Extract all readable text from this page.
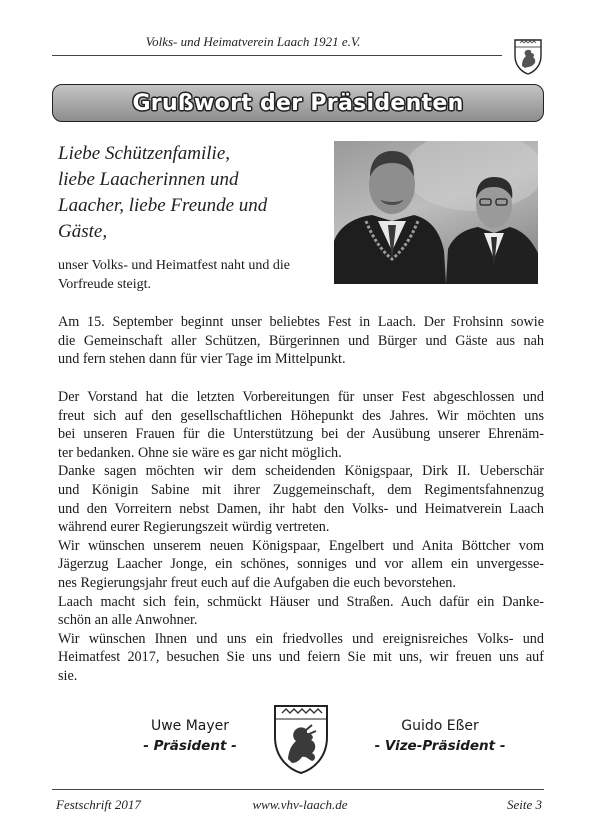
Volks- und Heimatverein Laach 1921 e.V.
Grußwort der Präsidenten
Liebe Schützenfamilie,
liebe Laacherinnen und
Laacher, liebe Freunde und
Gäste,
unser Volks- und Heimatfest naht und die Vorfreude steigt.
Am 15. September beginnt unser beliebtes Fest in Laach. Der Frohsinn sowie
die Gemeinschaft aller Schützen, Bürgerinnen und Bürger und Gäste aus nah
und fern stehen dann für vier Tage im Mittelpunkt.
Der Vorstand hat die letzten Vorbereitungen für unser Fest abgeschlossen und
freut sich auf den gesellschaftlichen Höhepunkt des Jahres. Wir möchten uns
bei unseren Frauen für die Unterstützung bei der Ausübung unserer Ehrenäm-
ter bedanken. Ohne sie wäre es gar nicht möglich.
Danke sagen möchten wir dem scheidenden Königspaar, Dirk II. Ueberschär
und Königin Sabine mit ihrer Zuggemeinschaft, dem Regimentsfahnenzug
und den Vorreitern nebst Damen, ihr habt den Volks- und Heimatverein Laach
während eurer Regierungszeit würdig vertreten.
Wir wünschen unserem neuen Königspaar, Engelbert und Anita Böttcher vom
Jägerzug Laacher Jonge, ein schönes, sonniges und vor allem ein unvergesse-
nes Regierungsjahr freut euch auf die Aufgaben die euch bevorstehen.
Laach macht sich fein, schmückt Häuser und Straßen. Auch dafür ein Danke-
schön an alle Anwohner.
Wir wünschen Ihnen und uns ein friedvolles und ereignisreiches Volks- und
Heimatfest 2017, besuchen Sie uns und feiern Sie mit uns, wir freuen uns auf
sie.
Uwe Mayer
- Präsident -
Guido Eßer
- Vize-Präsident -
Festschrift 2017	www.vhv-laach.de	Seite 3
